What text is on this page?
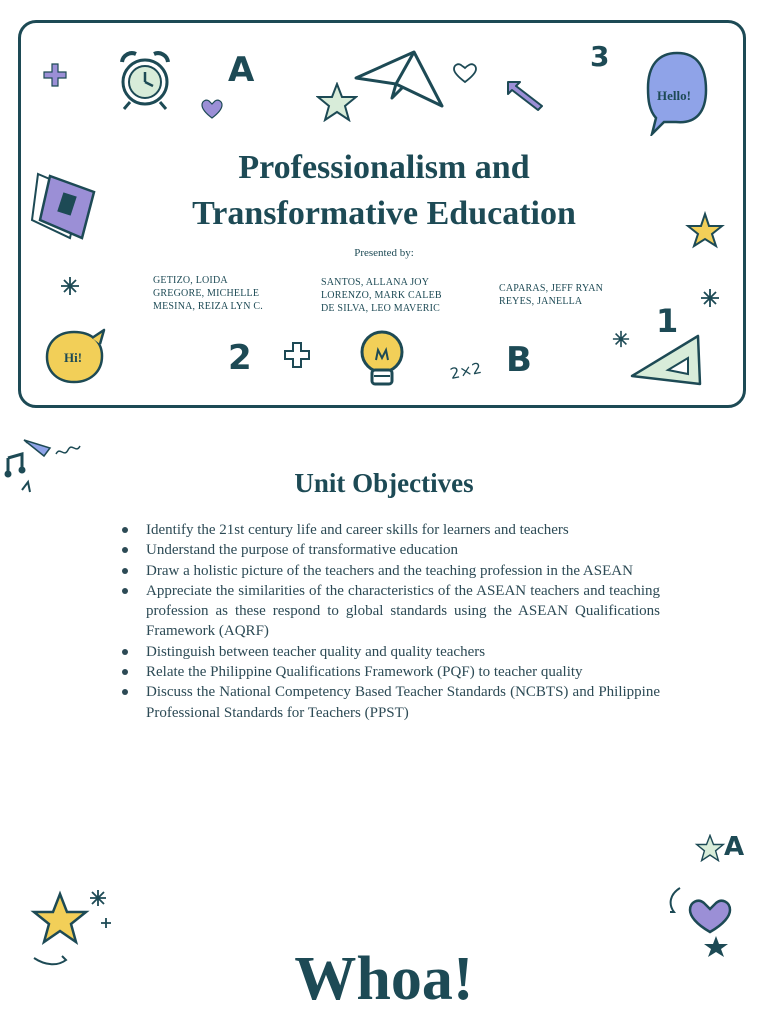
Professionalism and
Transformative Education
Presented by:
GETIZO, LOIDA
GREGORE, MICHELLE
MESINA, REIZA LYN C.
SANTOS, ALLANA JOY
LORENZO, MARK CALEB
DE SILVA, LEO MAVERIC
CAPARAS, JEFF RYAN
REYES, JANELLA
Hello!
Hi!
A	3
2	2×2 B
1
Unit Objectives
Identify the 21st century life and career skills for learners and teachers
Understand the purpose of transformative education
Draw a holistic picture of the teachers and the teaching profession in the ASEAN
Appreciate the similarities of the characteristics of the ASEAN teachers and teaching profession as these respond to global standards using the ASEAN Qualifications Framework (AQRF)
Distinguish between teacher quality and quality teachers
Relate the Philippine Qualifications Framework (PQF) to teacher quality
Discuss the National Competency Based Teacher Standards (NCBTS) and Philippine Professional Standards for Teachers (PPST)
A
Whoa!
